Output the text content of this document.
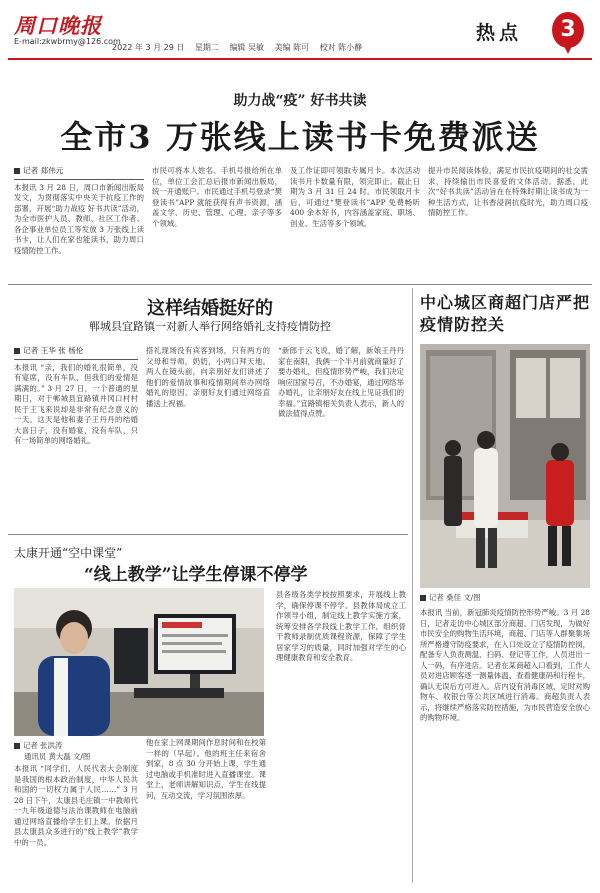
周口晚报
E-mail:zkwbrmy@126.com
2022 年 3 月 29 日 星期二 编辑 吴敏 美编 陈可 校对 陈小静
热点	3
助力战“疫” 好书共读
全市3 万张线上读书卡免费派送
记者 郑伟元
本报讯 3 月 28 日，周口市新闻出版局发文，为贯彻落实中央关于抗疫工作的部署，开展“助力战疫 好书共读”活动，为全市医护人员、教师、社区工作者、各企事业单位员工等发放 3 万张线上读书卡，让人们在家也能读书，助力周口疫情防控工作。
市民可将本人姓名、手机号报给所在单位，单位工会汇总后报市新闻出版局，统一开通账户。市民通过手机号登录“樊登读书”APP 就能获得有声书资源，涵盖文学、历史、管理、心理、亲子等多个领域。
及工作证即可领取专属月卡。本次活动读书月卡数量有限，领完即止。截止日期为 3 月 31 日 24 时。市民领取月卡后，可通过“樊登读书”APP 免费畅听 400 余本好书，内容涵盖家庭、职场、创业、生活等多个领域。
提升市民阅读体验，满足市民抗疫期间的社交需求，持续输出市民喜爱的文体活动。据悉，此次“好书共读”活动旨在在特殊时期让读书成为一种生活方式，让书香浸润抗疫时光，助力周口疫情防控工作。
这样结婚挺好的
郸城县宜路镇一对新人举行网络婚礼支持疫情防控
记者 王华 张 杨伦
本报讯 “亲，我们的婚礼很简单，没有宴席，没有车队，但我们的爱情是满满的。” 3 月 27 日，一个普通的星期日，对于郸城县宜路镇井冈口村村民于王飞来说却是非常有纪念意义的一天。这天是他和妻子王丹丹的结婚大喜日子，没有婚宴，没有车队，只有一场简单的网络婚礼。
搭礼现场没有宾客到场，只有两方的父母和导师，奶奶，小两口拜天地。两人在镜头前，向亲朋好友们讲述了他们的爱情故事和疫情期间举办网络婚礼的原因。亲朋好友们通过网络直播送上祝福。
“新郎于云飞说，婚了解，新娘王丹丹家在南阳，我俩一个半月前就商量好了要办婚礼，但疫情形势严峻，我们决定响应国家号召，不办婚宴，通过网络举办婚礼，让亲朋好友在线上见证我们的幸福。”宜路镇相关负责人表示，新人的做法值得点赞。
中心城区商超门店严把疫情防控关
记者 桑佳 文/图
本报讯 当前，新冠肺炎疫情防控形势严峻。3 月 28 日，记者走访中心城区部分商超、门店发现，为做好市民安全的购物生活环境，商超、门店等人群聚集场所严格遵守防疫要求，在入口处设立了疫情防控岗，配备专人负责测温、扫码、登记等工作，人员进出一人一码，有序进店。记者在某商超入口看到，工作人员对进店顾客逐一测量体温、查看健康码和行程卡，确认无误后方可进入。店内设有消毒区域，定时对购物车、收银台等公共区域进行消毒。商超负责人表示，将继续严格落实防控措施，为市民营造安全放心的购物环境。
太康开通“空中课堂”
“线上教学”让学生停课不停学
记者 张洪涛
通讯员 黄大磊 文/图
本报讯 “同学们，人民代表大会制度是我国的根本政治制度，中华人民共和国的一切权力属于人民……” 3 月 28 日下午，太康县毛庄镇一中教师代一九年级道德与法治课教师在电脑前通过网络直播给学生们上课。依据月县太康县众多进行的“线上教学”教学中的一员。
他在家上网课期间作息时间和在校第一样的（早起）。他的班主任来宿舍到家，8 点 30 分开始上课，学生通过电脑或手机准时进入直播课堂。课堂上，老师讲解知识点，学生在线提问，互动交流，学习氛围浓厚。
县各级各类学校按照要求，开展线上教学，确保停课不停学。县教体局成立工作领导小组，制定线上教学实施方案，统筹安排各学段线上教学工作，组织骨干教师录制优质课程资源，保障了学生居家学习的质量，同时加强对学生的心理健康教育和安全教育。
